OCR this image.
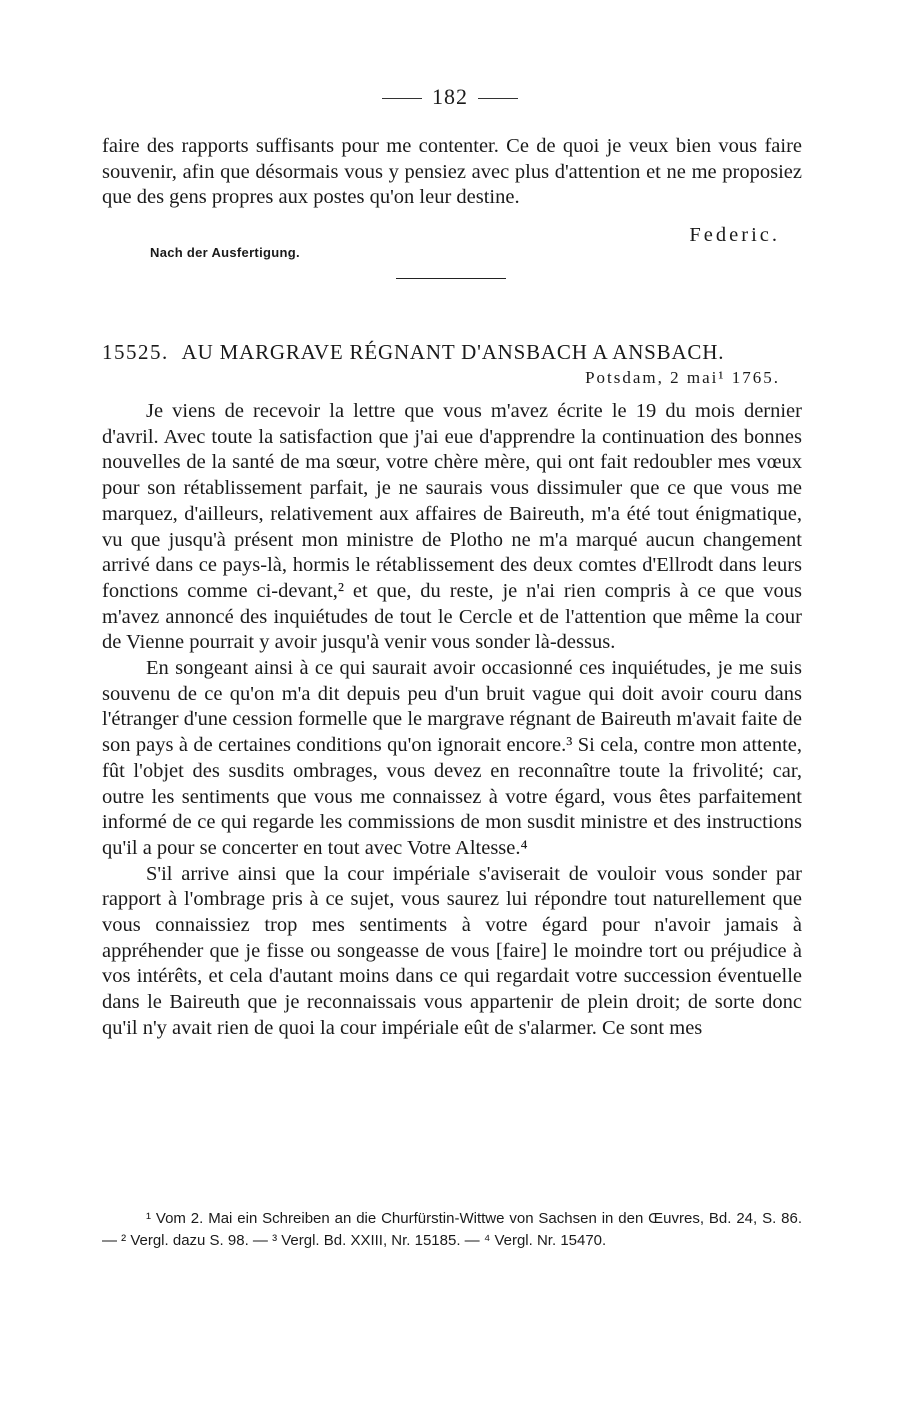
182
faire des rapports suffisants pour me contenter. Ce de quoi je veux bien vous faire souvenir, afin que désormais vous y pensiez avec plus d'attention et ne me proposiez que des gens propres aux postes qu'on leur destine.
Federic.
Nach der Ausfertigung.
15525. AU MARGRAVE RÉGNANT D'ANSBACH A ANSBACH.
Potsdam, 2 mai¹ 1765.

Je viens de recevoir la lettre que vous m'avez écrite le 19 du mois dernier d'avril. Avec toute la satisfaction que j'ai eue d'apprendre la continuation des bonnes nouvelles de la santé de ma sœur, votre chère mère, qui ont fait redoubler mes vœux pour son rétablissement parfait, je ne saurais vous dissimuler que ce que vous me marquez, d'ailleurs, relativement aux affaires de Baireuth, m'a été tout énigmatique, vu que jusqu'à présent mon ministre de Plotho ne m'a marqué aucun changement arrivé dans ce pays-là, hormis le rétablissement des deux comtes d'Ellrodt dans leurs fonctions comme ci-devant,² et que, du reste, je n'ai rien compris à ce que vous m'avez annoncé des inquiétudes de tout le Cercle et de l'attention que même la cour de Vienne pourrait y avoir jusqu'à venir vous sonder là-dessus.

En songeant ainsi à ce qui saurait avoir occasionné ces inquiétudes, je me suis souvenu de ce qu'on m'a dit depuis peu d'un bruit vague qui doit avoir couru dans l'étranger d'une cession formelle que le margrave régnant de Baireuth m'avait faite de son pays à de certaines conditions qu'on ignorait encore.³ Si cela, contre mon attente, fût l'objet des susdits ombrages, vous devez en reconnaître toute la frivolité; car, outre les sentiments que vous me connaissez à votre égard, vous êtes parfaitement informé de ce qui regarde les commissions de mon susdit ministre et des instructions qu'il a pour se concerter en tout avec Votre Altesse.⁴

S'il arrive ainsi que la cour impériale s'aviserait de vouloir vous sonder par rapport à l'ombrage pris à ce sujet, vous saurez lui répondre tout naturellement que vous connaissiez trop mes sentiments à votre égard pour n'avoir jamais à appréhender que je fisse ou songeasse de vous [faire] le moindre tort ou préjudice à vos intérêts, et cela d'autant moins dans ce qui regardait votre succession éventuelle dans le Baireuth que je reconnaissais vous appartenir de plein droit; de sorte donc qu'il n'y avait rien de quoi la cour impériale eût de s'alarmer. Ce sont mes

¹ Vom 2. Mai ein Schreiben an die Churfürstin-Wittwe von Sachsen in den Œuvres, Bd. 24, S. 86. — ² Vergl. dazu S. 98. — ³ Vergl. Bd. XXIII, Nr. 15185. — ⁴ Vergl. Nr. 15470.
